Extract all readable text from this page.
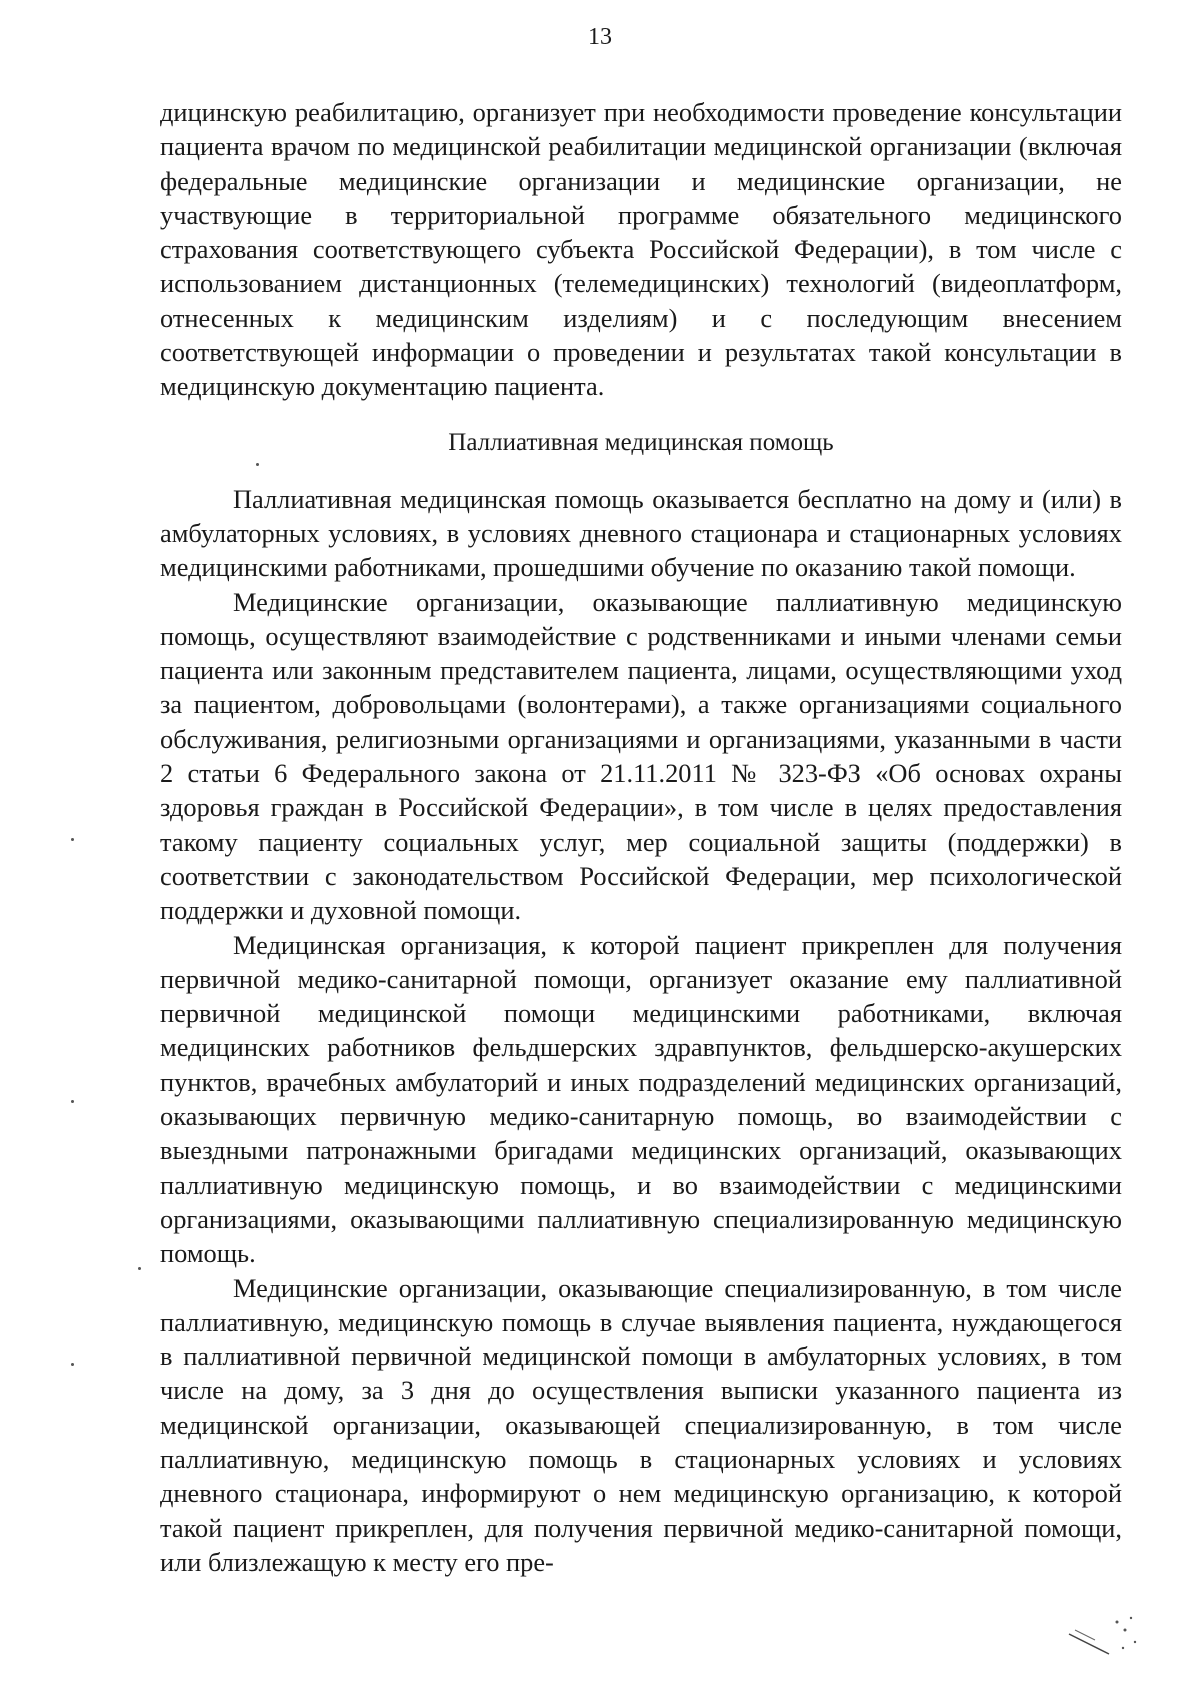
13

дицинскую реабилитацию, организует при необходимости проведение консультации пациента врачом по медицинской реабилитации медицинской организации (включая федеральные медицинские организации и медицинские организации, не участвующие в территориальной программе обязательного медицинского страхования соответствующего субъекта Российской Федерации), в том числе с использованием дистанционных (телемедицинских) технологий (видеоплатформ, отнесенных к медицинским изделиям) и с последующим внесением соответствующей информации о проведении и результатах такой консультации в медицинскую документацию пациента.

Паллиативная медицинская помощь

Паллиативная медицинская помощь оказывается бесплатно на дому и (или) в амбулаторных условиях, в условиях дневного стационара и стационарных условиях медицинскими работниками, прошедшими обучение по оказанию такой помощи.

Медицинские организации, оказывающие паллиативную медицинскую помощь, осуществляют взаимодействие с родственниками и иными членами семьи пациента или законным представителем пациента, лицами, осуществляющими уход за пациентом, добровольцами (волонтерами), а также организациями социального обслуживания, религиозными организациями и организациями, указанными в части 2 статьи 6 Федерального закона от 21.11.2011 № 323-ФЗ «Об основах охраны здоровья граждан в Российской Федерации», в том числе в целях предоставления такому пациенту социальных услуг, мер социальной защиты (поддержки) в соответствии с законодательством Российской Федерации, мер психологической поддержки и духовной помощи.

Медицинская организация, к которой пациент прикреплен для получения первичной медико-санитарной помощи, организует оказание ему паллиативной первичной медицинской помощи медицинскими работниками, включая медицинских работников фельдшерских здравпунктов, фельдшерско-акушерских пунктов, врачебных амбулаторий и иных подразделений медицинских организаций, оказывающих первичную медико-санитарную помощь, во взаимодействии с выездными патронажными бригадами медицинских организаций, оказывающих паллиативную медицинскую помощь, и во взаимодействии с медицинскими организациями, оказывающими паллиативную специализированную медицинскую помощь.

Медицинские организации, оказывающие специализированную, в том числе паллиативную, медицинскую помощь в случае выявления пациента, нуждающегося в паллиативной первичной медицинской помощи в амбулаторных условиях, в том числе на дому, за 3 дня до осуществления выписки указанного пациента из медицинской организации, оказывающей специализированную, в том числе паллиативную, медицинскую помощь в стационарных условиях и условиях дневного стационара, информируют о нем медицинскую организацию, к которой такой пациент прикреплен, для получения первичной медико-санитарной помощи, или близлежащую к месту его пре-
